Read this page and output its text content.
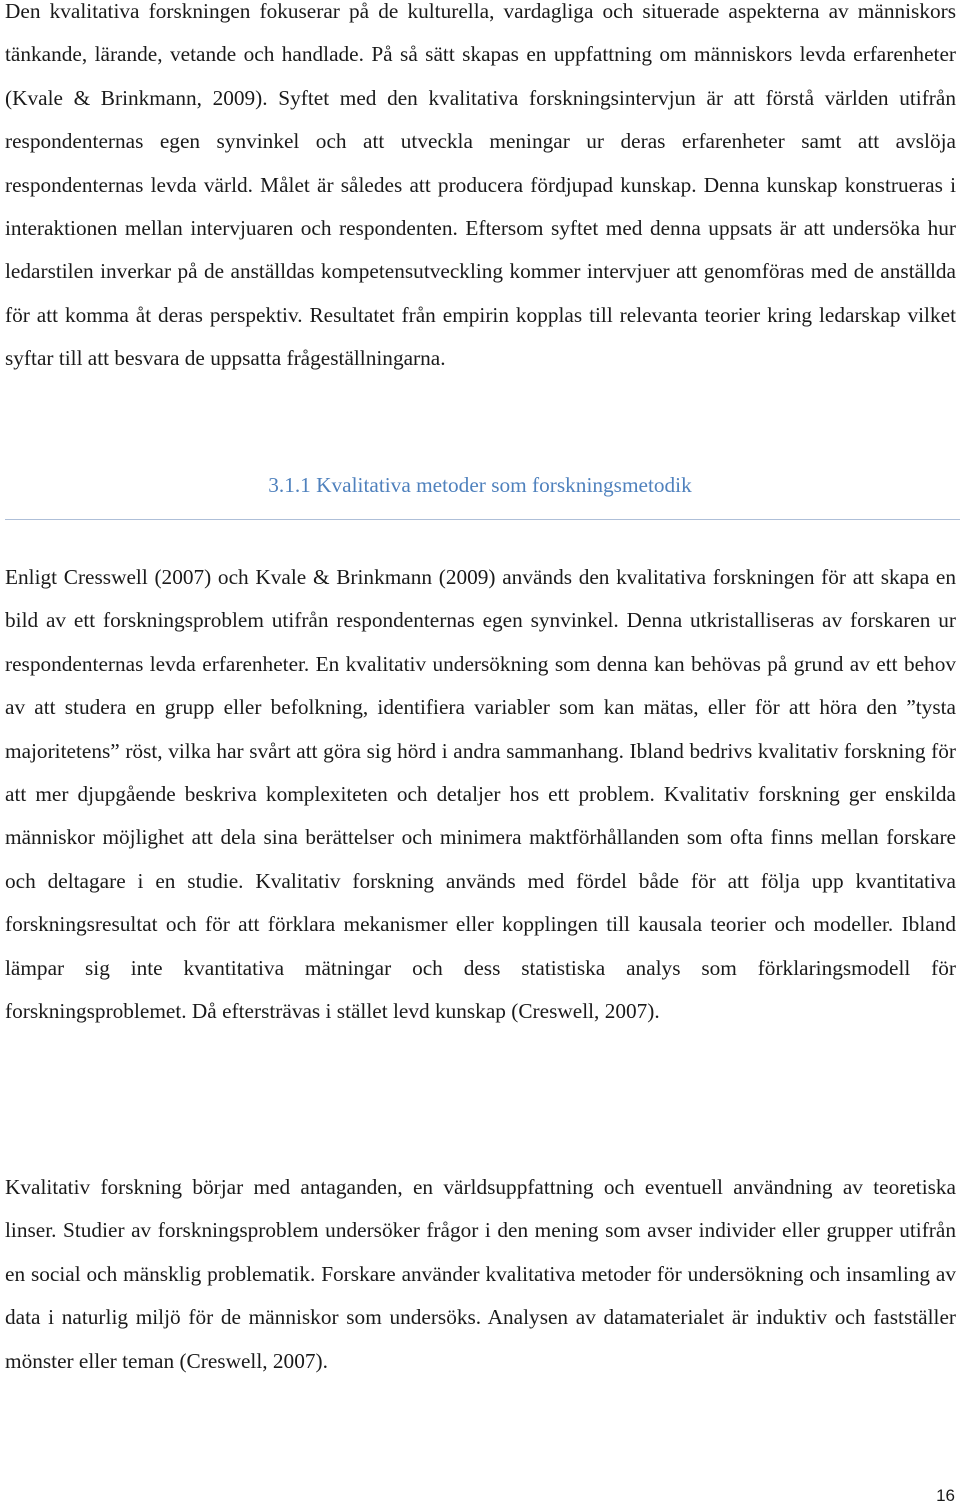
Den kvalitativa forskningen fokuserar på de kulturella, vardagliga och situerade aspekterna av människors tänkande, lärande, vetande och handlade. På så sätt skapas en uppfattning om människors levda erfarenheter (Kvale & Brinkmann, 2009). Syftet med den kvalitativa forskningsintervjun är att förstå världen utifrån respondenternas egen synvinkel och att utveckla meningar ur deras erfarenheter samt att avslöja respondenternas levda värld. Målet är således att producera fördjupad kunskap. Denna kunskap konstrueras i interaktionen mellan intervjuaren och respondenten. Eftersom syftet med denna uppsats är att undersöka hur ledarstilen inverkar på de anställdas kompetensutveckling kommer intervjuer att genomföras med de anställda för att komma åt deras perspektiv. Resultatet från empirin kopplas till relevanta teorier kring ledarskap vilket syftar till att besvara de uppsatta frågeställningarna.

3.1.1 Kvalitativa metoder som forskningsmetodik

Enligt Cresswell (2007) och Kvale & Brinkmann (2009) används den kvalitativa forskningen för att skapa en bild av ett forskningsproblem utifrån respondenternas egen synvinkel. Denna utkristalliseras av forskaren ur respondenternas levda erfarenheter. En kvalitativ undersökning som denna kan behövas på grund av ett behov av att studera en grupp eller befolkning, identifiera variabler som kan mätas, eller för att höra den ”tysta majoritetens” röst, vilka har svårt att göra sig hörd i andra sammanhang. Ibland bedrivs kvalitativ forskning för att mer djupgående beskriva komplexiteten och detaljer hos ett problem. Kvalitativ forskning ger enskilda människor möjlighet att dela sina berättelser och minimera maktförhållanden som ofta finns mellan forskare och deltagare i en studie. Kvalitativ forskning används med fördel både för att följa upp kvantitativa forskningsresultat och för att förklara mekanismer eller kopplingen till kausala teorier och modeller. Ibland lämpar sig inte kvantitativa mätningar och dess statistiska analys som förklaringsmodell för forskningsproblemet. Då eftersträvas i stället levd kunskap (Creswell, 2007).

Kvalitativ forskning börjar med antaganden, en världsuppfattning och eventuell användning av teoretiska linser. Studier av forskningsproblem undersöker frågor i den mening som avser individer eller grupper utifrån en social och mänsklig problematik. Forskare använder kvalitativa metoder för undersökning och insamling av data i naturlig miljö för de människor som undersöks. Analysen av datamaterialet är induktiv och fastställer mönster eller teman (Creswell, 2007).

16
